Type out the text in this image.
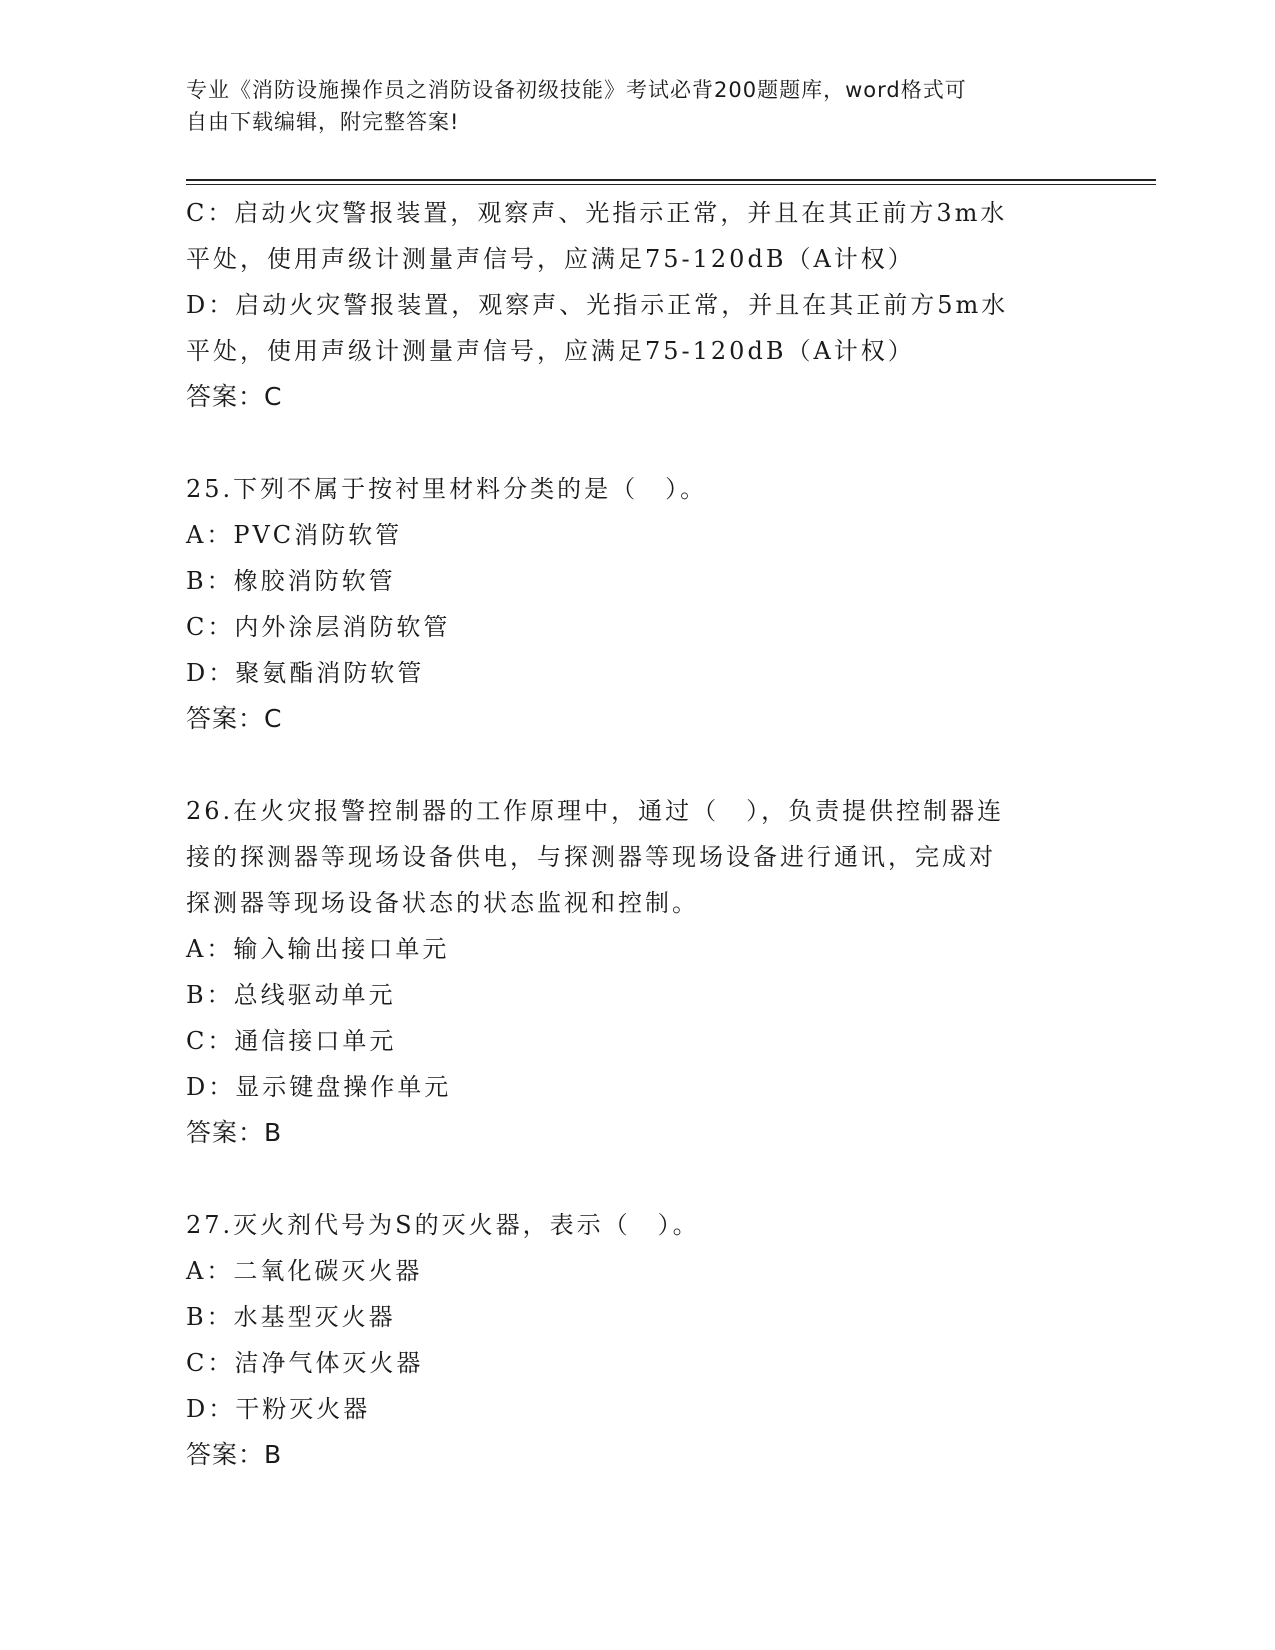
专业《消防设施操作员之消防设备初级技能》考试必背200题题库，word格式可
自由下载编辑，附完整答案!
C：启动火灾警报装置，观察声、光指示正常，并且在其正前方3m水
平处，使用声级计测量声信号，应满足75-120dB（A计权）
D：启动火灾警报装置，观察声、光指示正常，并且在其正前方5m水
平处，使用声级计测量声信号，应满足75-120dB（A计权）
答案：C
25.下列不属于按衬里材料分类的是（　）。
A：PVC消防软管
B：橡胶消防软管
C：内外涂层消防软管
D：聚氨酯消防软管
答案：C
26.在火灾报警控制器的工作原理中，通过（　），负责提供控制器连
接的探测器等现场设备供电，与探测器等现场设备进行通讯，完成对
探测器等现场设备状态的状态监视和控制。
A：输入输出接口单元
B：总线驱动单元
C：通信接口单元
D：显示键盘操作单元
答案：B
27.灭火剂代号为S的灭火器，表示（　）。
A：二氧化碳灭火器
B：水基型灭火器
C：洁净气体灭火器
D：干粉灭火器
答案：B
